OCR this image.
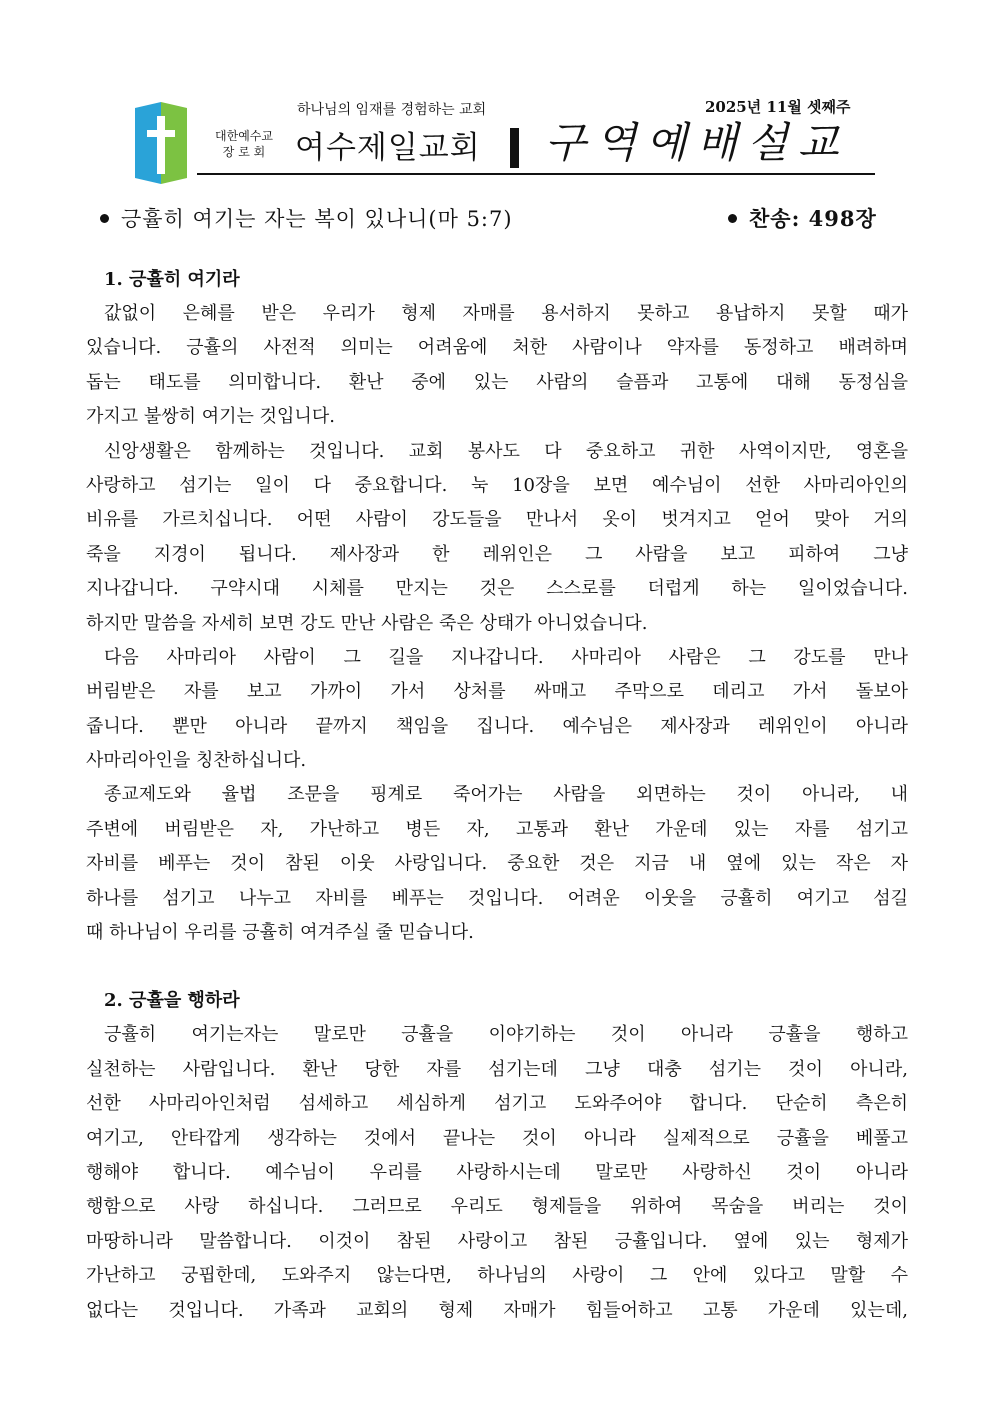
대한예수교
장 로 회
하나님의 임재를 경험하는 교회
여수제일교회 구역예배설교
2025년 11월 셋째주
긍휼히 여기는 자는 복이 있나니(마 5:7)	찬송: 498장
1. 긍휼히 여기라
값없이 은혜를 받은 우리가 형제 자매를 용서하지 못하고 용납하지 못할 때가
있습니다. 긍휼의 사전적 의미는 어려움에 처한 사람이나 약자를 동정하고 배려하며
돕는 태도를 의미합니다. 환난 중에 있는 사람의 슬픔과 고통에 대해 동정심을
가지고 불쌍히 여기는 것입니다.
신앙생활은 함께하는 것입니다. 교회 봉사도 다 중요하고 귀한 사역이지만, 영혼을
사랑하고 섬기는 일이 다 중요합니다. 눅 10장을 보면 예수님이 선한 사마리아인의
비유를 가르치십니다. 어떤 사람이 강도들을 만나서 옷이 벗겨지고 얻어 맞아 거의
죽을 지경이 됩니다. 제사장과 한 레위인은 그 사람을 보고 피하여 그냥
지나갑니다. 구약시대 시체를 만지는 것은 스스로를 더럽게 하는 일이었습니다.
하지만 말씀을 자세히 보면 강도 만난 사람은 죽은 상태가 아니었습니다.
다음 사마리아 사람이 그 길을 지나갑니다. 사마리아 사람은 그 강도를 만나
버림받은 자를 보고 가까이 가서 상처를 싸매고 주막으로 데리고 가서 돌보아
줍니다. 뿐만 아니라 끝까지 책임을 집니다. 예수님은 제사장과 레위인이 아니라
사마리아인을 칭찬하십니다.
종교제도와 율법 조문을 핑계로 죽어가는 사람을 외면하는 것이 아니라, 내
주변에 버림받은 자, 가난하고 병든 자, 고통과 환난 가운데 있는 자를 섬기고
자비를 베푸는 것이 참된 이웃 사랑입니다. 중요한 것은 지금 내 옆에 있는 작은 자
하나를 섬기고 나누고 자비를 베푸는 것입니다. 어려운 이웃을 긍휼히 여기고 섬길
때 하나님이 우리를 긍휼히 여겨주실 줄 믿습니다.
2. 긍휼을 행하라
긍휼히 여기는자는 말로만 긍휼을 이야기하는 것이 아니라 긍휼을 행하고
실천하는 사람입니다. 환난 당한 자를 섬기는데 그냥 대충 섬기는 것이 아니라,
선한 사마리아인처럼 섬세하고 세심하게 섬기고 도와주어야 합니다. 단순히 측은히
여기고, 안타깝게 생각하는 것에서 끝나는 것이 아니라 실제적으로 긍휼을 베풀고
행해야 합니다. 예수님이 우리를 사랑하시는데 말로만 사랑하신 것이 아니라
행함으로 사랑 하십니다. 그러므로 우리도 형제들을 위하여 목숨을 버리는 것이
마땅하니라 말씀합니다. 이것이 참된 사랑이고 참된 긍휼입니다. 옆에 있는 형제가
가난하고 궁핍한데, 도와주지 않는다면, 하나님의 사랑이 그 안에 있다고 말할 수
없다는 것입니다. 가족과 교회의 형제 자매가 힘들어하고 고통 가운데 있는데,
